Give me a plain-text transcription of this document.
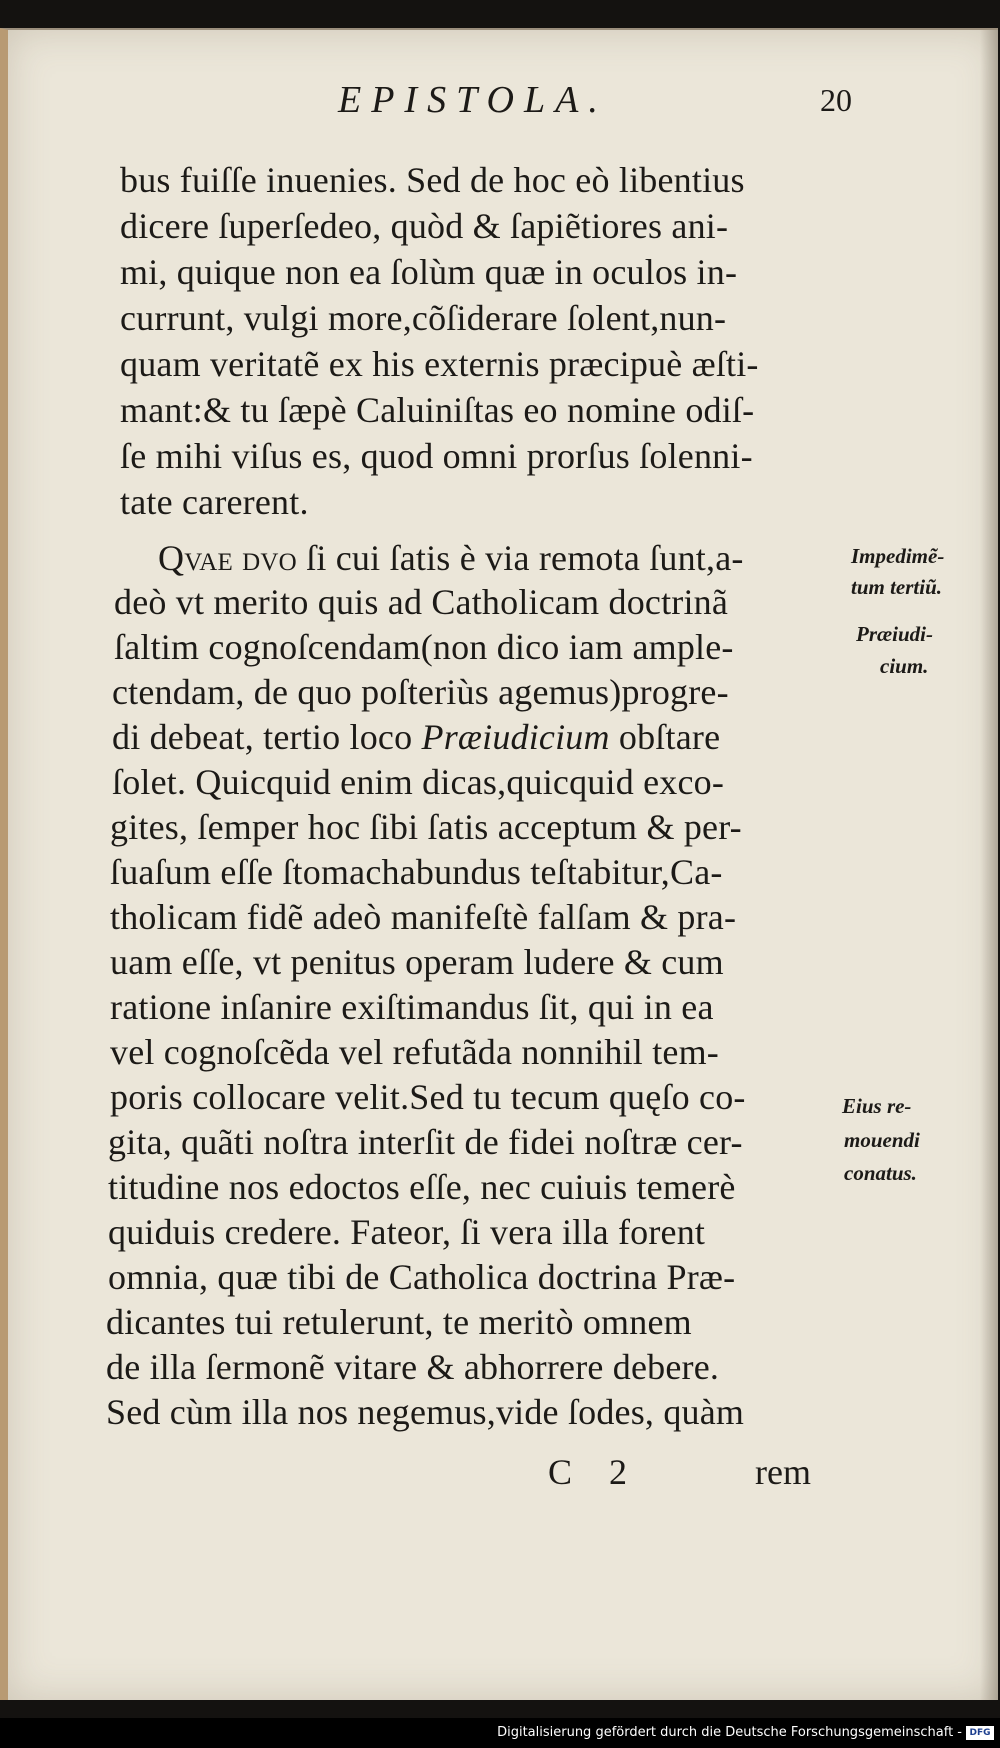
EPISTOLA.	20
bus fuiſſe inuenies. Sed de hoc eò libentius
dicere ſuperſedeo, quòd & ſapiẽtiores ani-
mi, quique non ea ſolùm quæ in oculos in-
currunt, vulgi more,cõſiderare ſolent,nun-
quam veritatẽ ex his externis præcipuè æſti-
mant:& tu ſæpè Caluiniſtas eo nomine odiſ-
ſe mihi viſus es, quod omni prorſus ſolenni-
tate carerent.
Qvae dvo ſi cui ſatis è via remota ſunt,a-
deò vt merito quis ad Catholicam doctrinã
ſaltim cognoſcendam(non dico iam ample-
ctendam, de quo poſteriùs agemus)progre-
di debeat, tertio loco Præiudicium obſtare
ſolet. Quicquid enim dicas,quicquid exco-
gites, ſemper hoc ſibi ſatis acceptum & per-
ſuaſum eſſe ſtomachabundus teſtabitur,Ca-
tholicam fidẽ adeò manifeſtè falſam & pra-
uam eſſe, vt penitus operam ludere & cum
ratione inſanire exiſtimandus ſit, qui in ea
vel cognoſcẽda vel refutãda nonnihil tem-
poris collocare velit.Sed tu tecum quęſo co-
gita, quãti noſtra interſit de fidei noſtræ cer-
titudine nos edoctos eſſe, nec cuiuis temerè
quiduis credere. Fateor, ſi vera illa forent
omnia, quæ tibi de Catholica doctrina Præ-
dicantes tui retulerunt, te meritò omnem
de illa ſermonẽ vitare & abhorrere debere.
Sed cùm illa nos negemus,vide ſodes, quàm
Impedimẽ-
tum tertiũ.
Præiudi-
cium.
Eius re-
mouendi
conatus.
C 2	rem
Digitalisierung gefördert durch die Deutsche Forschungsgemeinschaft - DFG
